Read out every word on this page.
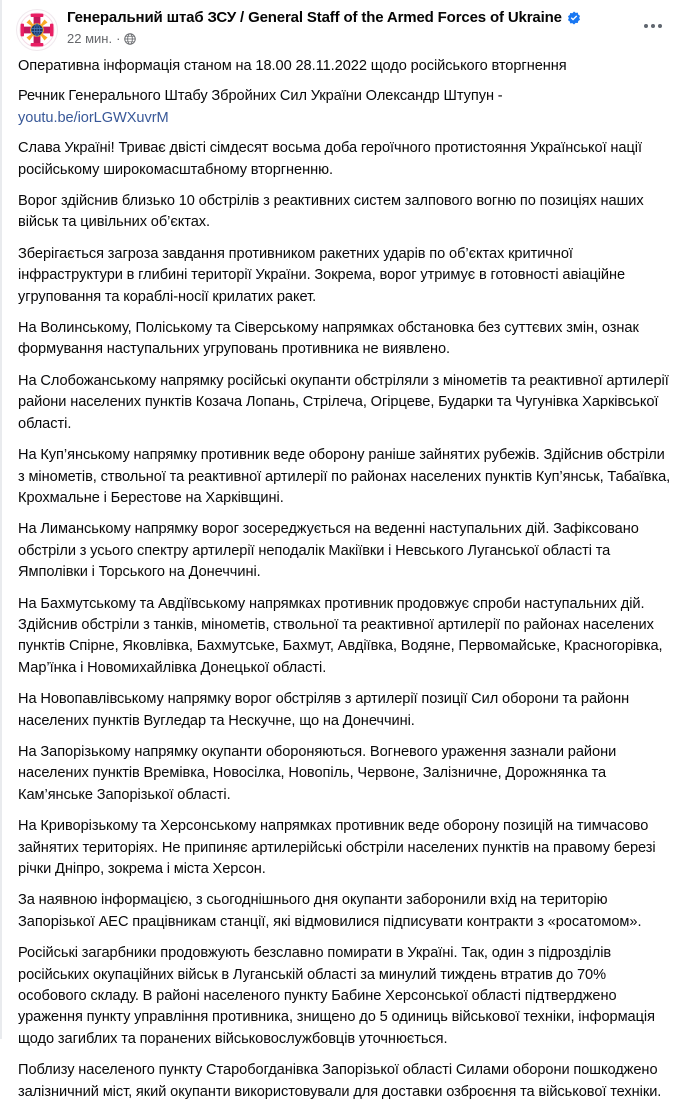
Генеральний штаб ЗСУ / General Staff of the Armed Forces of Ukraine
22 мин. ·

Оперативна інформація станом на 18.00 28.11.2022 щодо російського вторгнення

Речник Генерального Штабу Збройних Сил України Олександр Штупун -
youtu.be/iorLGWXuvrM

Слава Україні! Триває двісті сімдесят восьма доба героїчного протистояння Української нації російському широкомасштабному вторгненню.

Ворог здійснив близько 10 обстрілів з реактивних систем залпового вогню по позиціях наших військ та цивільних об’єктах.

Зберігається загроза завдання противником ракетних ударів по об’єктах критичної інфраструктури в глибині території України. Зокрема, ворог утримує в готовності авіаційне угруповання та кораблі-носії крилатих ракет.

На Волинському, Поліському та Сіверському напрямках обстановка без суттєвих змін, ознак формування наступальних угруповань противника не виявлено.

На Слобожанському напрямку російські окупанти обстріляли з мінометів та реактивної артилерії райони населених пунктів Козача Лопань, Стрілеча, Огірцеве, Бударки та Чугунівка Харківської області.

На Куп’янському напрямку противник веде оборону раніше зайнятих рубежів. Здійснив обстріли з мінометів, ствольної та реактивної артилерії по районах населених пунктів Куп’янськ, Табаївка, Крохмальне і Берестове на Харківщині.

На Лиманському напрямку ворог зосереджується на веденні наступальних дій. Зафіксовано обстріли з усього спектру артилерії неподалік Макіївки і Невського Луганської області та Ямполівки і Торського на Донеччині.

На Бахмутському та Авдіївському напрямках противник продовжує спроби наступальних дій. Здійснив обстріли з танків, мінометів, ствольної та реактивної артилерії по районах населених пунктів Спірне, Яковлівка, Бахмутське, Бахмут, Авдіївка, Водяне, Первомайське, Красногорівка, Мар’їнка і Новомихайлівка Донецької області.

На Новопавлівському напрямку ворог обстріляв з артилерії позиції Сил оборони та районн населених пунктів Вугледар та Нескучне, що на Донеччині.

На Запорізькому напрямку окупанти обороняються. Вогневого ураження зазнали райони населених пунктів Времівка, Новосілка, Новопіль, Червоне, Залізничне, Дорожнянка та Кам’янське Запорізької області.

На Криворізькому та Херсонському напрямках противник веде оборону позицій на тимчасово зайнятих територіях. Не припиняє артилерійські обстріли населених пунктів на правому березі річки Дніпро, зокрема і міста Херсон.

За наявною інформацією, з сьогоднішнього дня окупанти заборонили вхід на територію Запорізької АЕС працівникам станції, які відмовилися підписувати контракти з «росатомом».

Російські загарбники продовжують безславно помирати в Україні. Так, один з підрозділів російських окупаційних військ в Луганській області за минулий тиждень втратив до 70% особового складу. В районі населеного пункту Бабине Херсонської області підтверджено ураження пункту управління противника, знищено до 5 одиниць військової техніки, інформація щодо загиблих та поранених військовослужбовців уточнюється.

Поблизу населеного пункту Старобогданівка Запорізької області Силами оборони пошкоджено залізничний міст, який окупанти використовували для доставки озброєння та військової техніки.
